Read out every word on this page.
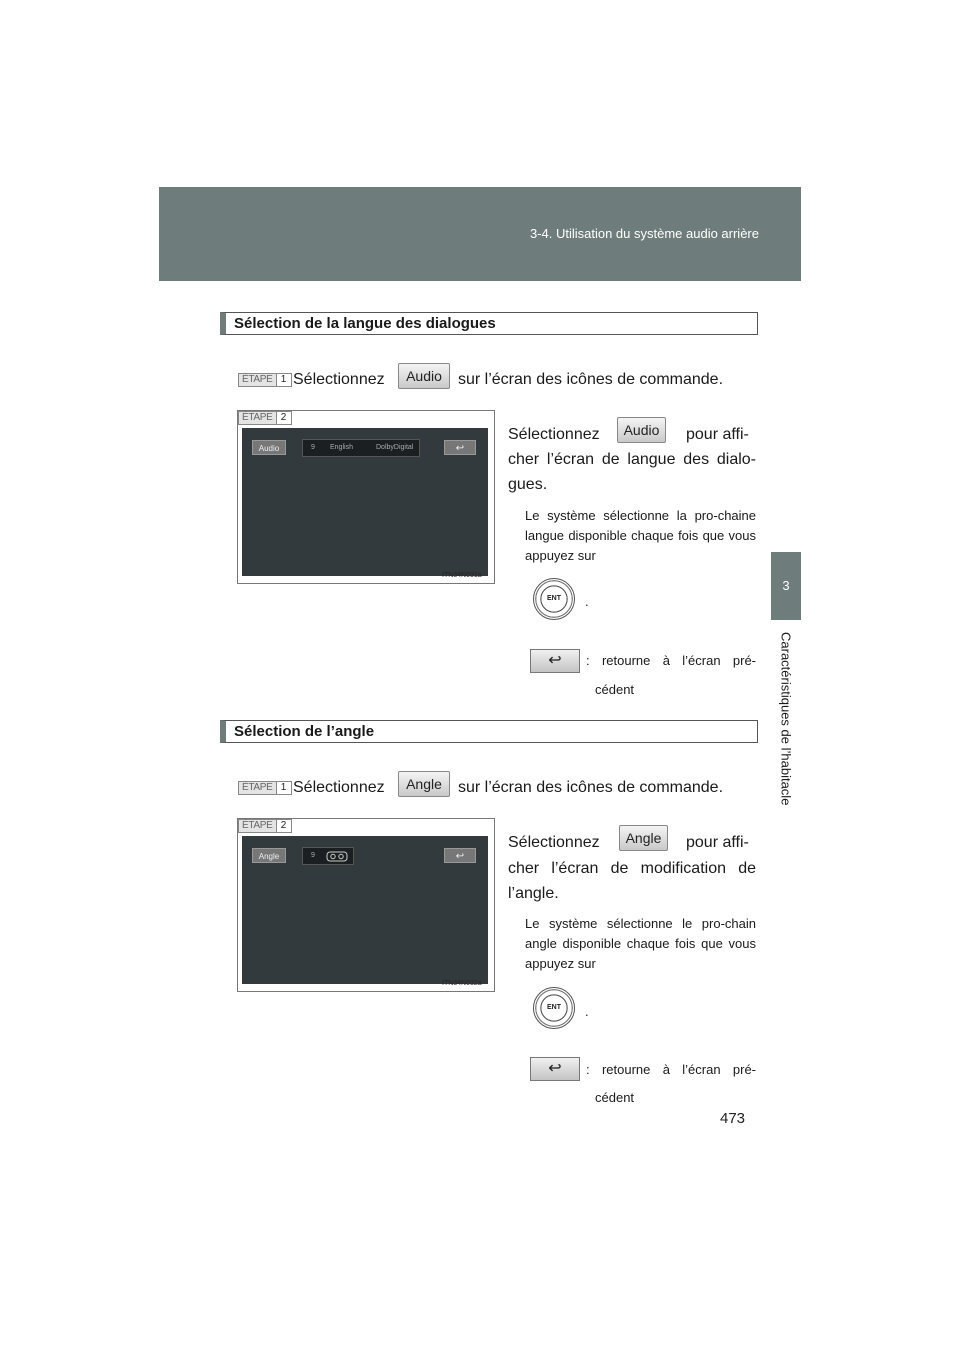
3-4. Utilisation du système audio arrière
3
Caractéristiques de l’habitacle
Sélection de la langue des dialogues
ÉTAPE 1 Sélectionnez	Audio	sur l’écran des icônes de commande.
ÉTAPE 2
Audio	9 English	DolbyDigital	↩
ITN34N031a
Sélectionnez	Audio	pour affi-
cher l’écran de langue des dialo-gues.
Le système sélectionne la pro-chaine langue disponible chaque fois que vous appuyez sur
ENT	.
↩	: retourne à l’écran pré-
cédent
Sélection de l’angle
ÉTAPE 1 Sélectionnez	Angle	sur l’écran des icônes de commande.
ÉTAPE 2
Angle	9	↩
ITN34N032a
Sélectionnez	Angle	pour affi-
cher l’écran de modification de l’angle.
Le système sélectionne le pro-chain angle disponible chaque fois que vous appuyez sur
ENT	.
↩	: retourne à l’écran pré-
cédent
473
